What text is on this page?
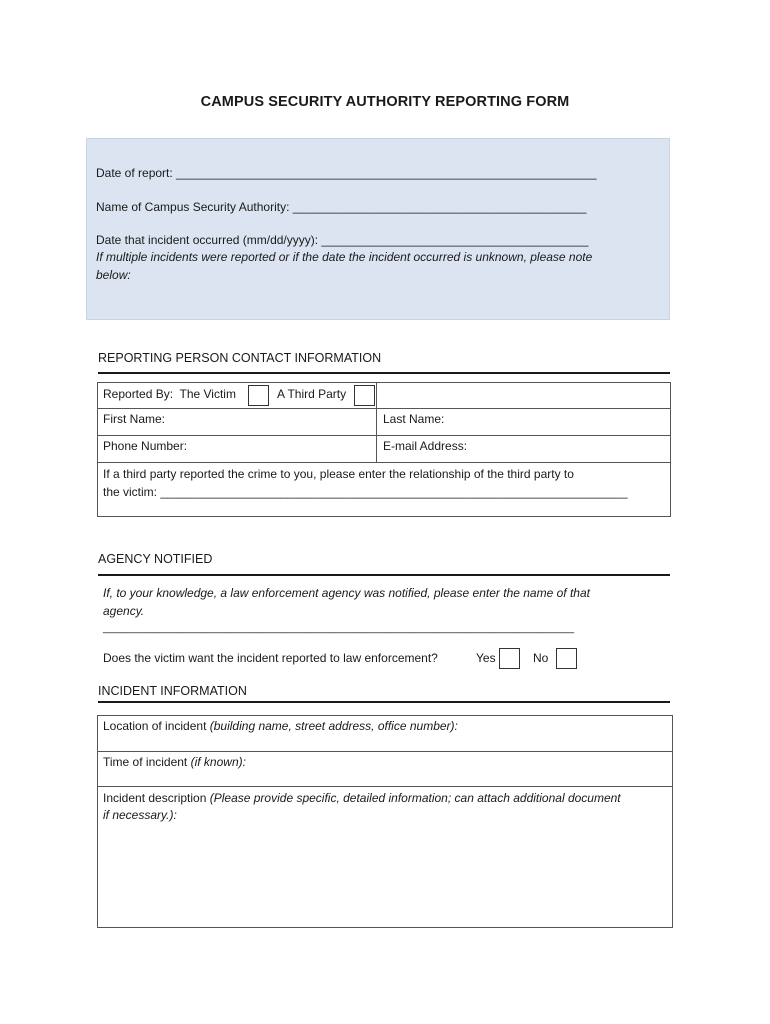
CAMPUS SECURITY AUTHORITY REPORTING FORM
Date of report: _______________________________________________________________
Name of Campus Security Authority: ____________________________________________
Date that incident occurred (mm/dd/yyyy): ________________________________________
If multiple incidents were reported or if the date the incident occurred is unknown, please note
below:
REPORTING PERSON CONTACT INFORMATION
Reported By:  The Victim	A Third Party
First Name:	Last Name:
Phone Number:	E-mail Address:
If a third party reported the crime to you, please enter the relationship of the third party to
the victim: ______________________________________________________________________
AGENCY NOTIFIED
If, to your knowledge, a law enforcement agency was notified, please enter the name of that
agency.
_____________________________________________________________________________
Does the victim want the incident reported to law enforcement?	Yes	No
INCIDENT INFORMATION
Location of incident (building name, street address, office number):
Time of incident (if known):
Incident description (Please provide specific, detailed information; can attach additional document
if necessary.):
